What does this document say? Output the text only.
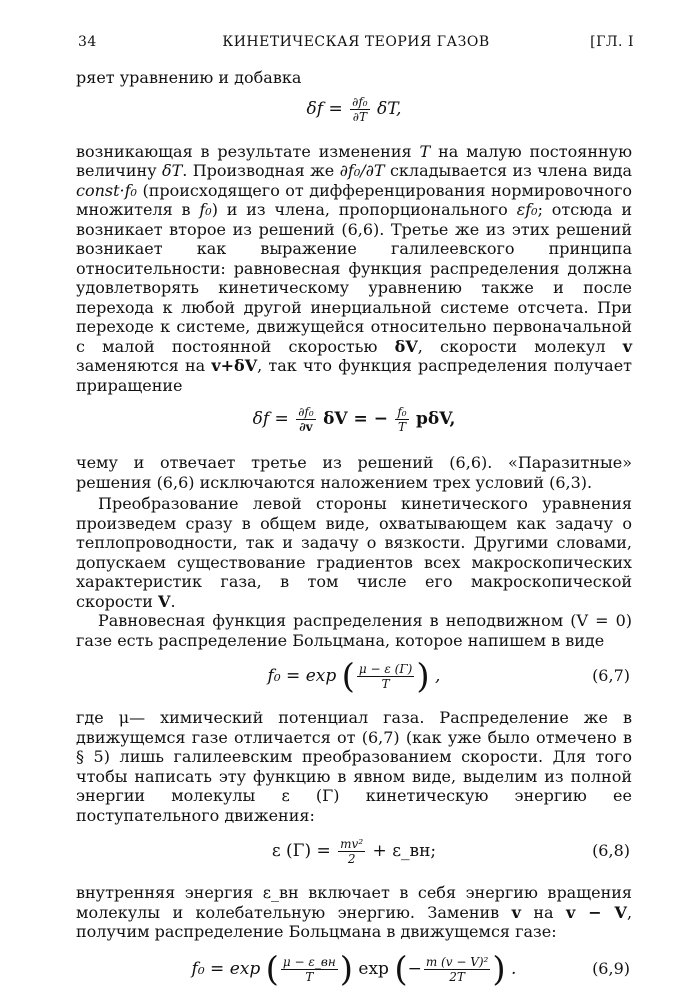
34	КИНЕТИЧЕСКАЯ ТЕОРИЯ ГАЗОВ	[ГЛ. I

ряет уравнению и добавка

$\delta f = \frac{\text{∂f₀}}{\partial T} \delta T$,

возникающая в результате изменения T на малую постоянную величину δT. Производная же ∂f₀/∂T складывается из члена вида const·f₀ (происходящего от дифференцирования нормировочного множителя в f₀) и из члена, пропорционального εf₀; отсюда и возникает второе из решений (6,6). Третье же из этих решений возникает как выражение галилеевского принципа относительности: равновесная функция распределения должна удовлетворять кинетическому уравнению также и после перехода к любой другой инерциальной системе отсчета. При переходе к системе, движущейся относительно первоначальной с малой постоянной скоростью δV, скорости молекул v заменяются на v+δV, так что функция распределения получает приращение

$\delta f = \frac{\text{∂f₀}}{\partial v}$ δV = − $\frac{\text{f₀}}{T} p\delta V$,

чему и отвечает третье из решений (6,6). «Паразитные» решения (6,6) исключаются наложением трех условий (6,3).

Преобразование левой стороны кинетического уравнения произведем сразу в общем виде, охватывающем как задачу о теплопроводности, так и задачу о вязкости. Другими словами, допускаем существование градиентов всех макроскопических характеристик газа, в том числе его макроскопической скорости V.

Равновесная функция распределения в неподвижном (V = 0) газе есть распределение Больцмана, которое напишем в виде

f₀ = exp ( $\frac{\mu - \varepsilon (\Gamma)}{T}$ ) ,	(6,7)

где μ— химический потенциал газа. Распределение же в движущемся газе отличается от (6,7) (как уже было отмечено в § 5) лишь галилеевским преобразованием скорости. Для того чтобы написать эту функцию в явном виде, выделим из полной энергии молекулы ε (Γ) кинетическую энергию ее поступательного движения:

ε $(\Gamma) = \frac{\text{mv²}}{2}$ + ε_вн;	(6,8)

внутренняя энергия ε_вн включает в себя энергию вращения молекулы и колебательную энергию. Заменив v на v − V, получим распределение Больцмана в движущемся газе:

f₀ = exp ( μ − ε_вн
T ) exp (− $\frac{\text{m (v − V)²}}{2T}$ ) .	(6,9)
